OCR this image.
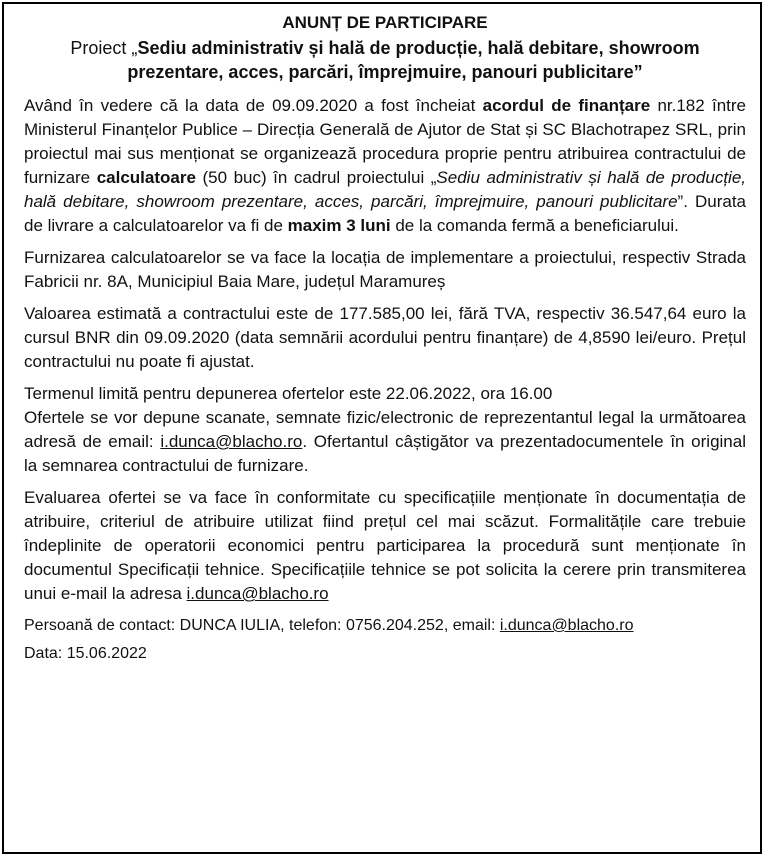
ANUNȚ DE PARTICIPARE
Proiect „Sediu administrativ și hală de producție, hală debitare, showroom prezentare, acces, parcări, împrejmuire, panouri publicitare”

Având în vedere că la data de 09.09.2020 a fost încheiat acordul de finanțare nr.182 între Ministerul Finanțelor Publice – Direcția Generală de Ajutor de Stat și SC Blachotrapez SRL, prin proiectul mai sus menționat se organizează procedura proprie pentru atribuirea contractului de furnizare calculatoare (50 buc) în cadrul proiectului „Sediu administrativ și hală de producție, hală debitare, showroom prezentare, acces, parcări, împrejmuire, panouri publicitare”. Durata de livrare a calculatoarelor va fi de maxim 3 luni de la comanda fermă a beneficiarului.

Furnizarea calculatoarelor se va face la locația de implementare a proiectului, respectiv Strada Fabricii nr. 8A, Municipiul Baia Mare, județul Maramureș

Valoarea estimată a contractului este de 177.585,00 lei, fără TVA, respectiv 36.547,64 euro la cursul BNR din 09.09.2020 (data semnării acordului pentru finanțare) de 4,8590 lei/euro. Prețul contractului nu poate fi ajustat.

Termenul limită pentru depunerea ofertelor este 22.06.2022, ora 16.00

Ofertele se vor depune scanate, semnate fizic/electronic de reprezentantul legal la următoarea adresă de email: i.dunca@blacho.ro. Ofertantul câștigător va prezentadocumentele în original la semnarea contractului de furnizare.

Evaluarea ofertei se va face în conformitate cu specificațiile menționate în documentația de atribuire, criteriul de atribuire utilizat fiind prețul cel mai scăzut. Formalitățile care trebuie îndeplinite de operatorii economici pentru participarea la procedură sunt menționate în documentul Specificații tehnice. Specificațiile tehnice se pot solicita la cerere prin transmiterea unui e-mail la adresa i.dunca@blacho.ro

Persoană de contact: DUNCA IULIA, telefon: 0756.204.252, email: i.dunca@blacho.ro

Data: 15.06.2022
